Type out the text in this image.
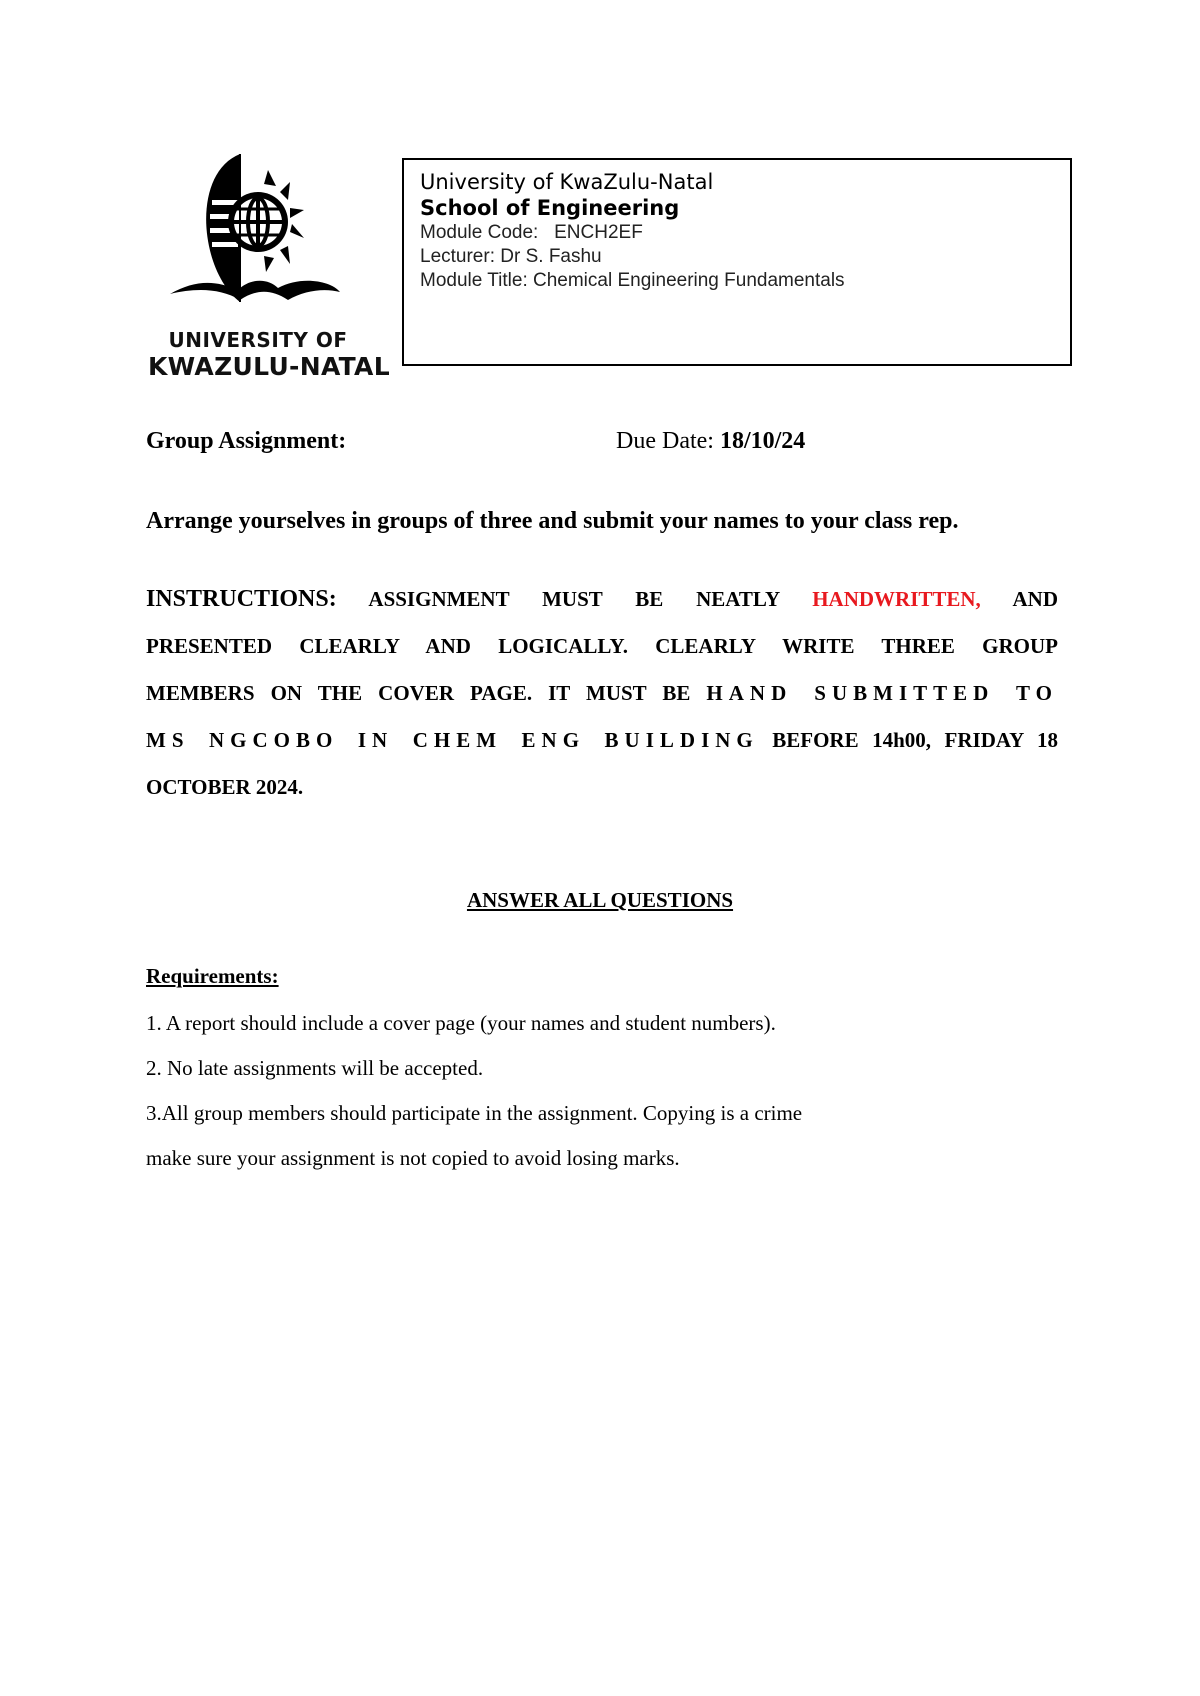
UNIVERSITY OF
KWAZULU-NATAL
University of KwaZulu-Natal
School of Engineering
Module Code:   ENCH2EF
Lecturer: Dr S. Fashu
Module Title: Chemical Engineering Fundamentals
Group Assignment:	Due Date: 18/10/24
Arrange yourselves in groups of three and submit your names to your class rep.
INSTRUCTIONS: ASSIGNMENT MUST BE NEATLY HANDWRITTEN, AND
PRESENTED CLEARLY AND LOGICALLY. CLEARLY WRITE THREE GROUP
MEMBERS ON THE COVER PAGE. IT MUST BE HAND SUBMITTED TO
MS NGCOBO IN CHEM ENG BUILDING BEFORE 14h00, FRIDAY 18
OCTOBER 2024.
ANSWER ALL QUESTIONS
Requirements:
1. A report should include a cover page (your names and student numbers).
2. No late assignments will be accepted.
3.All group members should participate in the assignment. Copying is a crime
make sure your assignment is not copied to avoid losing marks.
